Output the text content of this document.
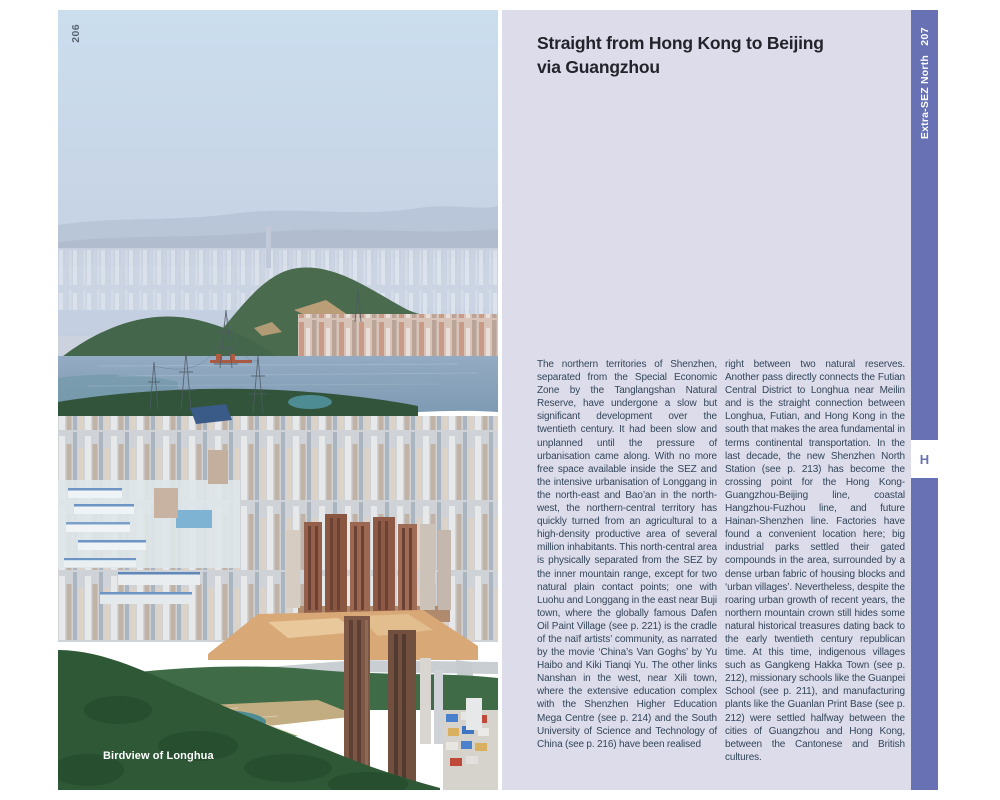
206
Birdview of Longhua
Straight from Hong Kong to Beijing
via Guangzhou
The northern territories of Shenzhen, separated from the Special Economic Zone by the Tanglangshan Natural Reserve, have undergone a slow but significant development over the twentieth century. It had been slow and unplanned until the pressure of urbanisation came along. With no more free space available inside the SEZ and the intensive urbanisation of Longgang in the north-east and Bao’an in the north-west, the northern-central territory has quickly turned from an agricultural to a high-density productive area of several million inhabitants. This north-central area is physically separated from the SEZ by the inner mountain range, except for two natural plain contact points; one with Luohu and Longgang in the east near Buji town, where the globally famous Dafen Oil Paint Village (see p. 221) is the cradle of the naïf artists’ community, as narrated by the movie ‘China’s Van Goghs’ by Yu Haibo and Kiki Tianqi Yu. The other links Nanshan in the west, near Xili town, where the extensive education complex with the Shenzhen Higher Education Mega Centre (see p. 214) and the South University of Science and Technology of China (see p. 216) have been realised
right between two natural reserves. Another pass directly connects the Futian Central District to Longhua near Meilin and is the straight connection between Longhua, Futian, and Hong Kong in the south that makes the area fundamental in terms continental transportation. In the last decade, the new Shenzhen North Station (see p. 213) has become the crossing point for the Hong Kong-Guangzhou-Beijing line, coastal Hangzhou-Fuzhou line, and future Hainan-Shenzhen line. Factories have found a convenient location here; big industrial parks settled their gated compounds in the area, surrounded by a dense urban fabric of housing blocks and ‘urban villages’. Nevertheless, despite the roaring urban growth of recent years, the northern mountain crown still hides some natural historical treasures dating back to the early twentieth century republican time. At this time, indigenous villages such as Gangkeng Hakka Town (see p. 212), missionary schools like the Guanpei School (see p. 211), and manufacturing plants like the Guanlan Print Base (see p. 212) were settled halfway between the cities of Guangzhou and Hong Kong, between the Cantonese and British cultures.
207
Extra-SEZ North
H
